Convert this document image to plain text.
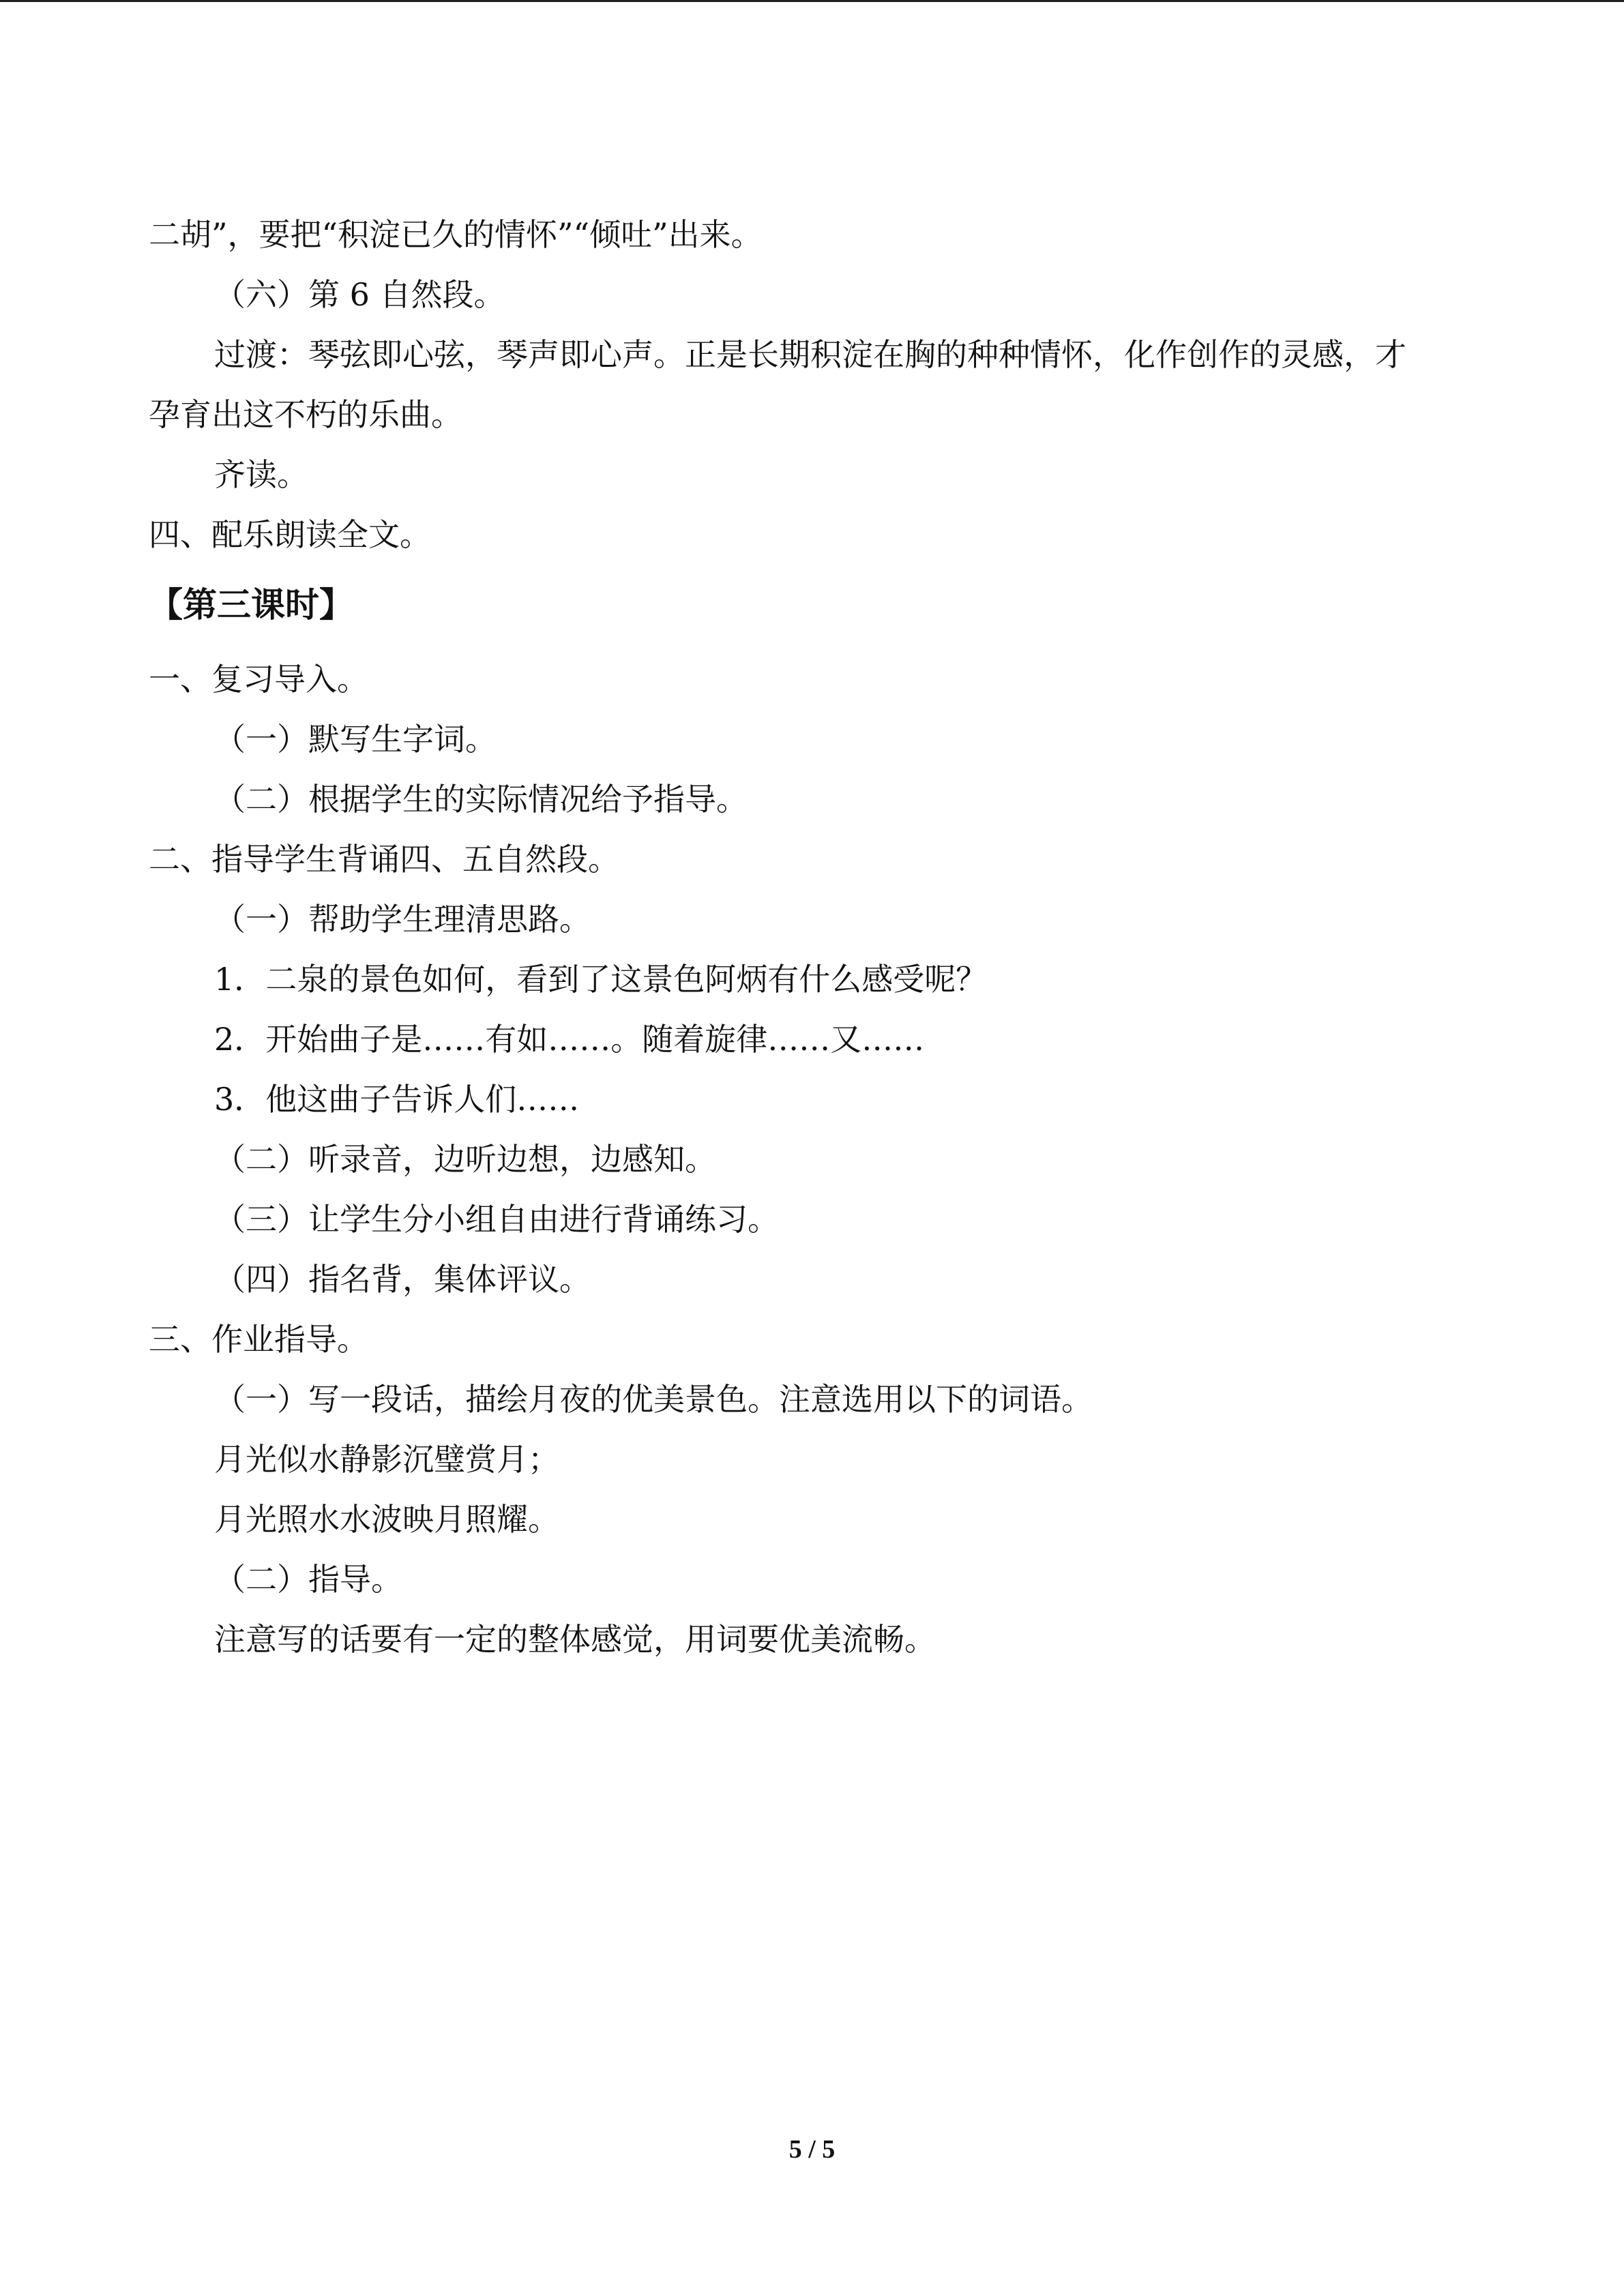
二胡”，要把“积淀已久的情怀”“倾吐”出来。
（六）第 6 自然段。
过渡：琴弦即心弦，琴声即心声。正是长期积淀在胸的种种情怀，化作创作的灵感，才
孕育出这不朽的乐曲。
齐读。
四、配乐朗读全文。
【第三课时】
一、复习导入。
（一）默写生字词。
（二）根据学生的实际情况给予指导。
二、指导学生背诵四、五自然段。
（一）帮助学生理清思路。
1．二泉的景色如何，看到了这景色阿炳有什么感受呢？
2．开始曲子是……有如……。随着旋律……又……
3．他这曲子告诉人们……
（二）听录音，边听边想，边感知。
（三）让学生分小组自由进行背诵练习。
（四）指名背，集体评议。
三、作业指导。
（一）写一段话，描绘月夜的优美景色。注意选用以下的词语。
月光似水静影沉璧赏月；
月光照水水波映月照耀。
（二）指导。
注意写的话要有一定的整体感觉，用词要优美流畅。
5 / 5
